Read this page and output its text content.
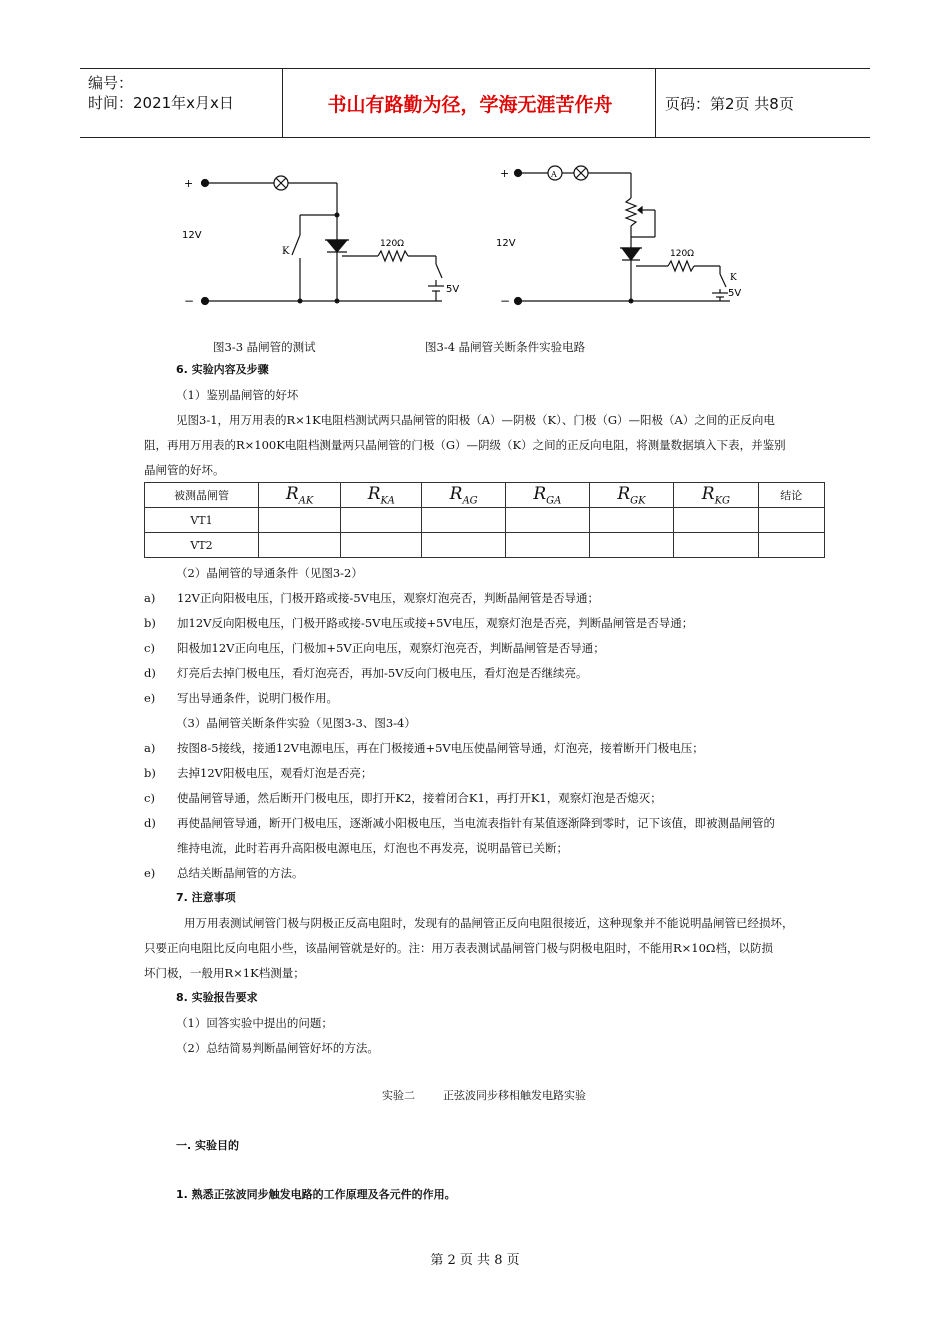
编号：
时间：2021年x月x日	书山有路勤为径，学海无涯苦作舟	页码：第2页 共8页
+
−
12V
K
120Ω
5V
A
+
−
12V
120Ω
K
5V
图3-3 晶闸管的测试	图3-4 晶闸管关断条件实验电路
6. 实验内容及步骤
（1）鉴别晶闸管的好坏
见图3-1，用万用表的R×1K电阻档测试两只晶闸管的阳极（A）—阴极（K）、门极（G）—阳极（A）之间的正反向电
阻，再用万用表的R×100K电阻档测量两只晶闸管的门极（G）—阴级（K）之间的正反向电阻，将测量数据填入下表，并鉴别
晶闸管的好坏。
被测晶闸管	$R_{AK}$	$R_{KA}$	$R_{AG}$	$R_{GA}$	$R_{GK}$	$R_{KG}$	结论
VT1							
VT2							
（2）晶闸管的导通条件（见图3-2）
a) 12V正向阳极电压，门极开路或接-5V电压，观察灯泡亮否，判断晶闸管是否导通；
b) 加12V反向阳极电压，门极开路或接-5V电压或接+5V电压，观察灯泡是否亮，判断晶闸管是否导通；
c) 阳极加12V正向电压，门极加+5V正向电压，观察灯泡亮否，判断晶闸管是否导通；
d) 灯亮后去掉门极电压，看灯泡亮否，再加-5V反向门极电压，看灯泡是否继续亮。
e) 写出导通条件，说明门极作用。
（3）晶闸管关断条件实验（见图3-3、图3-4）
a) 按图8-5接线，接通12V电源电压，再在门极接通+5V电压使晶闸管导通，灯泡亮，接着断开门极电压；
b) 去掉12V阳极电压，观看灯泡是否亮；
c) 使晶闸管导通，然后断开门极电压，即打开K2，接着闭合K1，再打开K1，观察灯泡是否熄灭；
d) 再使晶闸管导通，断开门极电压，逐渐减小阳极电压，当电流表指针有某值逐渐降到零时，记下该值，即被测晶闸管的
维持电流，此时若再升高阳极电源电压，灯泡也不再发亮，说明晶管已关断；
e) 总结关断晶闸管的方法。
7. 注意事项
用万用表测试闸管门极与阴极正反高电阻时，发现有的晶闸管正反向电阻很接近，这种现象并不能说明晶闸管已经损坏，
只要正向电阻比反向电阻小些，该晶闸管就是好的。注：用万表表测试晶闸管门极与阴极电阻时，不能用R×10Ω档，以防损
坏门极，一般用R×1K档测量；
8. 实验报告要求
（1）回答实验中提出的问题；
（2）总结简易判断晶闸管好坏的方法。
实验二	正弦波同步移相触发电路实验
一. 实验目的
1. 熟悉正弦波同步触发电路的工作原理及各元件的作用。
第 2 页 共 8 页
